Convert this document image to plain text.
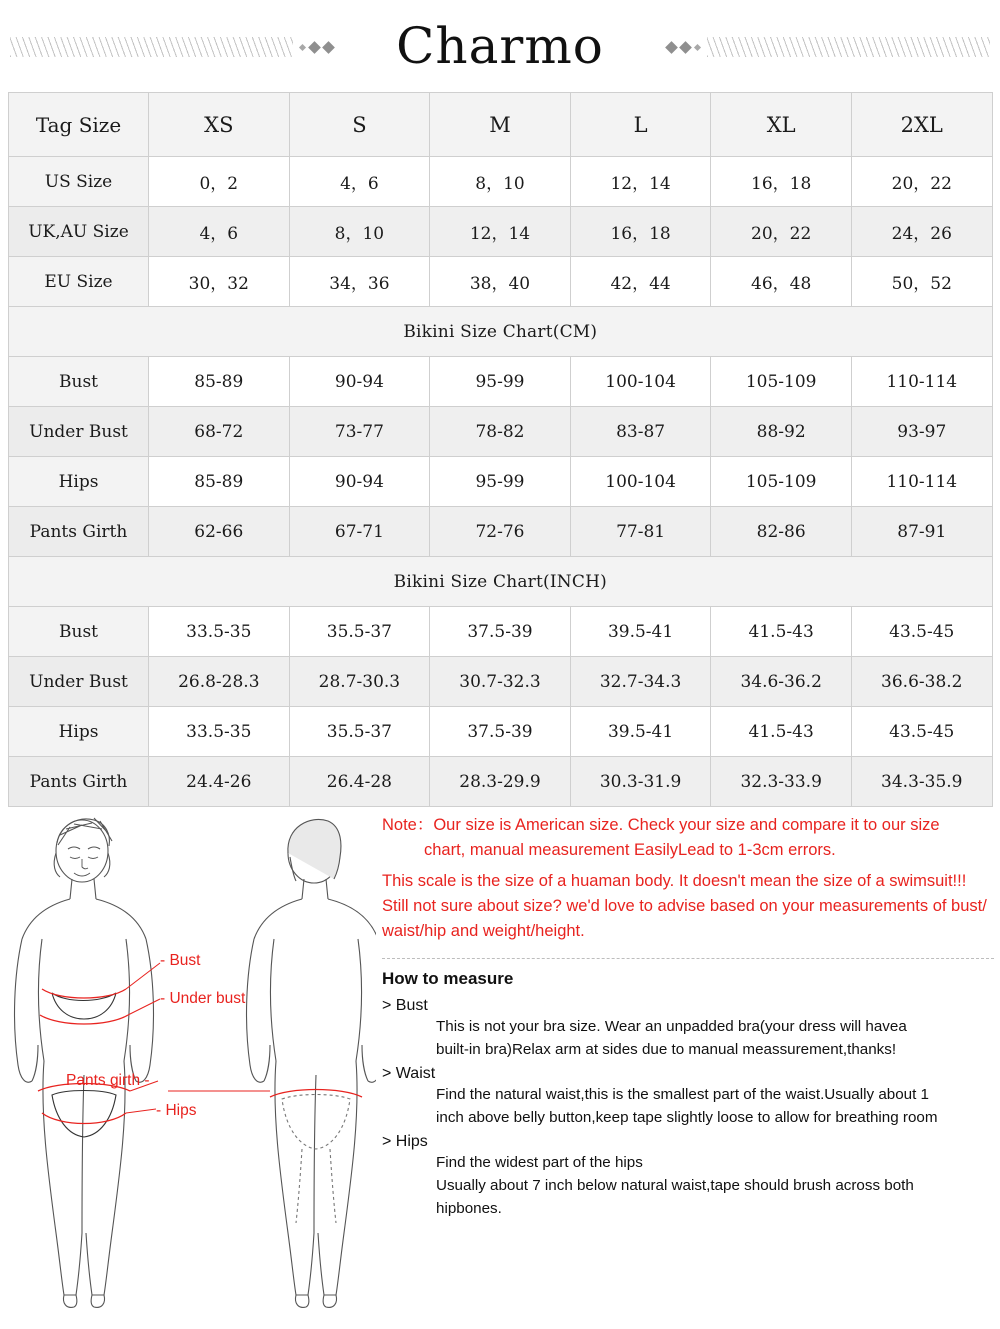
Charmo
Tag Size	XS	S	M	L	XL	2XL
US Size	0，2	4，6	8，10	12，14	16，18	20，22
UK,AU Size	4，6	8，10	12，14	16，18	20，22	24，26
EU Size	30，32	34，36	38，40	42，44	46，48	50，52
Bikini Size Chart(CM)						
Bust	85-89	90-94	95-99	100-104	105-109	110-114
Under Bust	68-72	73-77	78-82	83-87	88-92	93-97
Hips	85-89	90-94	95-99	100-104	105-109	110-114
Pants Girth	62-66	67-71	72-76	77-81	82-86	87-91
Bikini Size Chart(INCH)						
Bust	33.5-35	35.5-37	37.5-39	39.5-41	41.5-43	43.5-45
Under Bust	26.8-28.3	28.7-30.3	30.7-32.3	32.7-34.3	34.6-36.2	36.6-38.2
Hips	33.5-35	35.5-37	37.5-39	39.5-41	41.5-43	43.5-45
Pants Girth	24.4-26	26.4-28	28.3-29.9	30.3-31.9	32.3-33.9	34.3-35.9
- Bust
- Under bust
Pants girth -
- Hips
Note：Our size is American size. Check your size and compare it to our size
chart, manual measurement EasilyLead to 1-3cm errors.
This scale is the size of a huaman body. It doesn't mean the size of a swimsuit!!!
Still not sure about size? we'd love to advise based on your measurements of bust/
waist/hip and weight/height.
How to measure
> Bust
This is not your bra size. Wear an unpadded bra(your dress will havea
built-in bra)Relax arm at sides due to manual meassurement,thanks!
> Waist
Find the natural waist,this is the smallest part of the waist.Usually about 1
inch above belly button,keep tape slightly loose to allow for breathing room
> Hips
Find the widest part of the hips
Usually about 7 inch below natural waist,tape should brush across both
hipbones.
